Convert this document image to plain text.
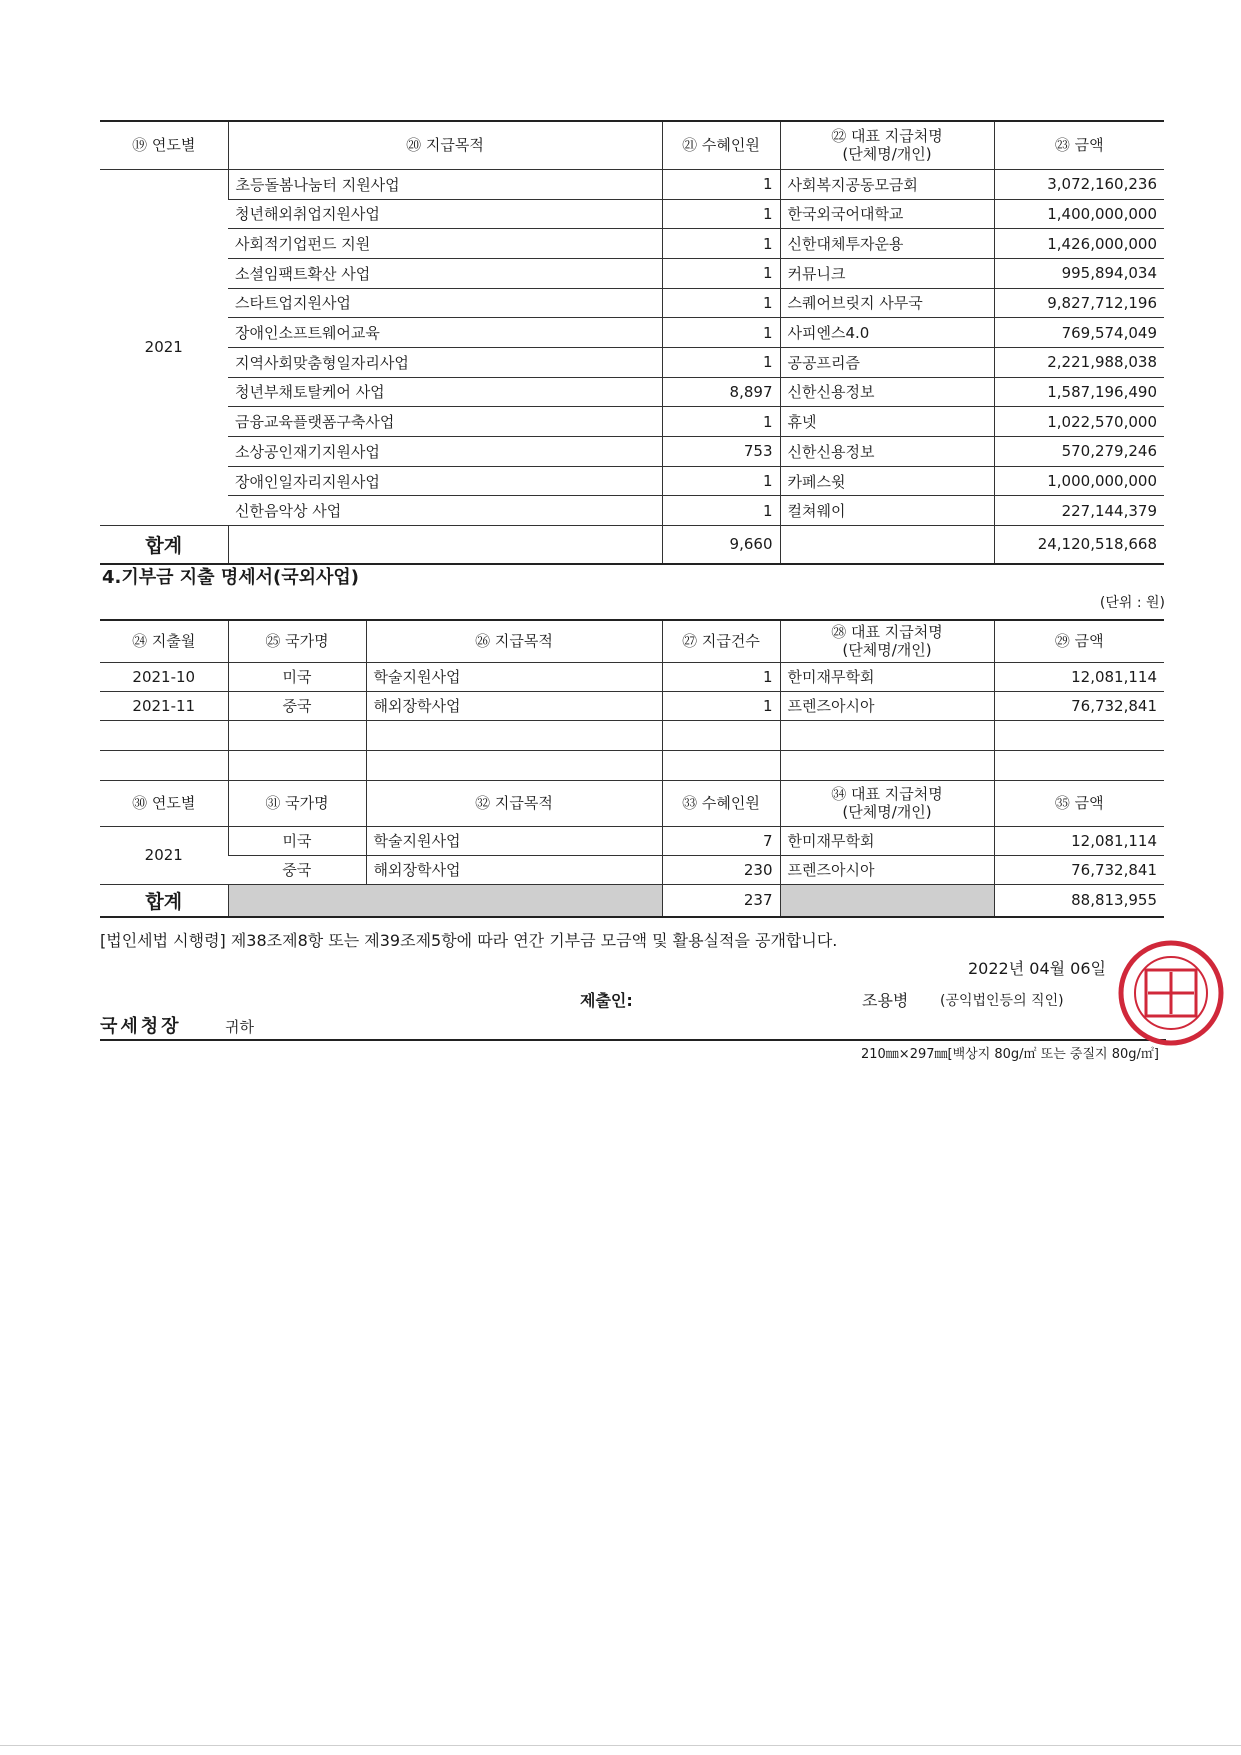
⑲ 연도별	⑳ 지급목적	㉑ 수혜인원	㉒ 대표 지급처명
(단체명/개인)	㉓ 금액
2021	초등돌봄나눔터 지원사업	1	사회복지공동모금회	3,072,160,236
	청년해외취업지원사업	1	한국외국어대학교	1,400,000,000
	사회적기업펀드 지원	1	신한대체투자운용	1,426,000,000
	소셜임팩트확산 사업	1	커뮤니크	995,894,034
	스타트업지원사업	1	스퀘어브릿지 사무국	9,827,712,196
	장애인소프트웨어교육	1	사피엔스4.0	769,574,049
	지역사회맞춤형일자리사업	1	공공프리즘	2,221,988,038
	청년부채토탈케어 사업	8,897	신한신용정보	1,587,196,490
	금융교육플랫폼구축사업	1	휴넷	1,022,570,000
	소상공인재기지원사업	753	신한신용정보	570,279,246
	장애인일자리지원사업	1	카페스윗	1,000,000,000
	신한음악상 사업	1	컬쳐웨이	227,144,379
합계		9,660		24,120,518,668
4.기부금 지출 명세서(국외사업)
(단위 : 원)
㉔ 지출월	㉕ 국가명	㉖ 지급목적	㉗ 지급건수	㉘ 대표 지급처명
(단체명/개인)	㉙ 금액
2021-10	미국	학술지원사업	1	한미재무학회	12,081,114
2021-11	중국	해외장학사업	1	프렌즈아시아	76,732,841

㉚ 연도별	㉛ 국가명	㉜ 지급목적	㉝ 수혜인원	㉞ 대표 지급처명
(단체명/개인)	㉟ 금액
2021	미국	학술지원사업	7	한미재무학회	12,081,114
	중국	해외장학사업	230	프렌즈아시아	76,732,841
합계			237		88,813,955
[법인세법 시행령] 제38조제8항 또는 제39조제5항에 따라 연간 기부금 모금액 및 활용실적을 공개합니다.
2022년 04월 06일
제출인:	조용병 (공익법인등의 직인)
국세청장	귀하
210㎜×297㎜[백상지 80g/㎡ 또는 중질지 80g/㎡]
